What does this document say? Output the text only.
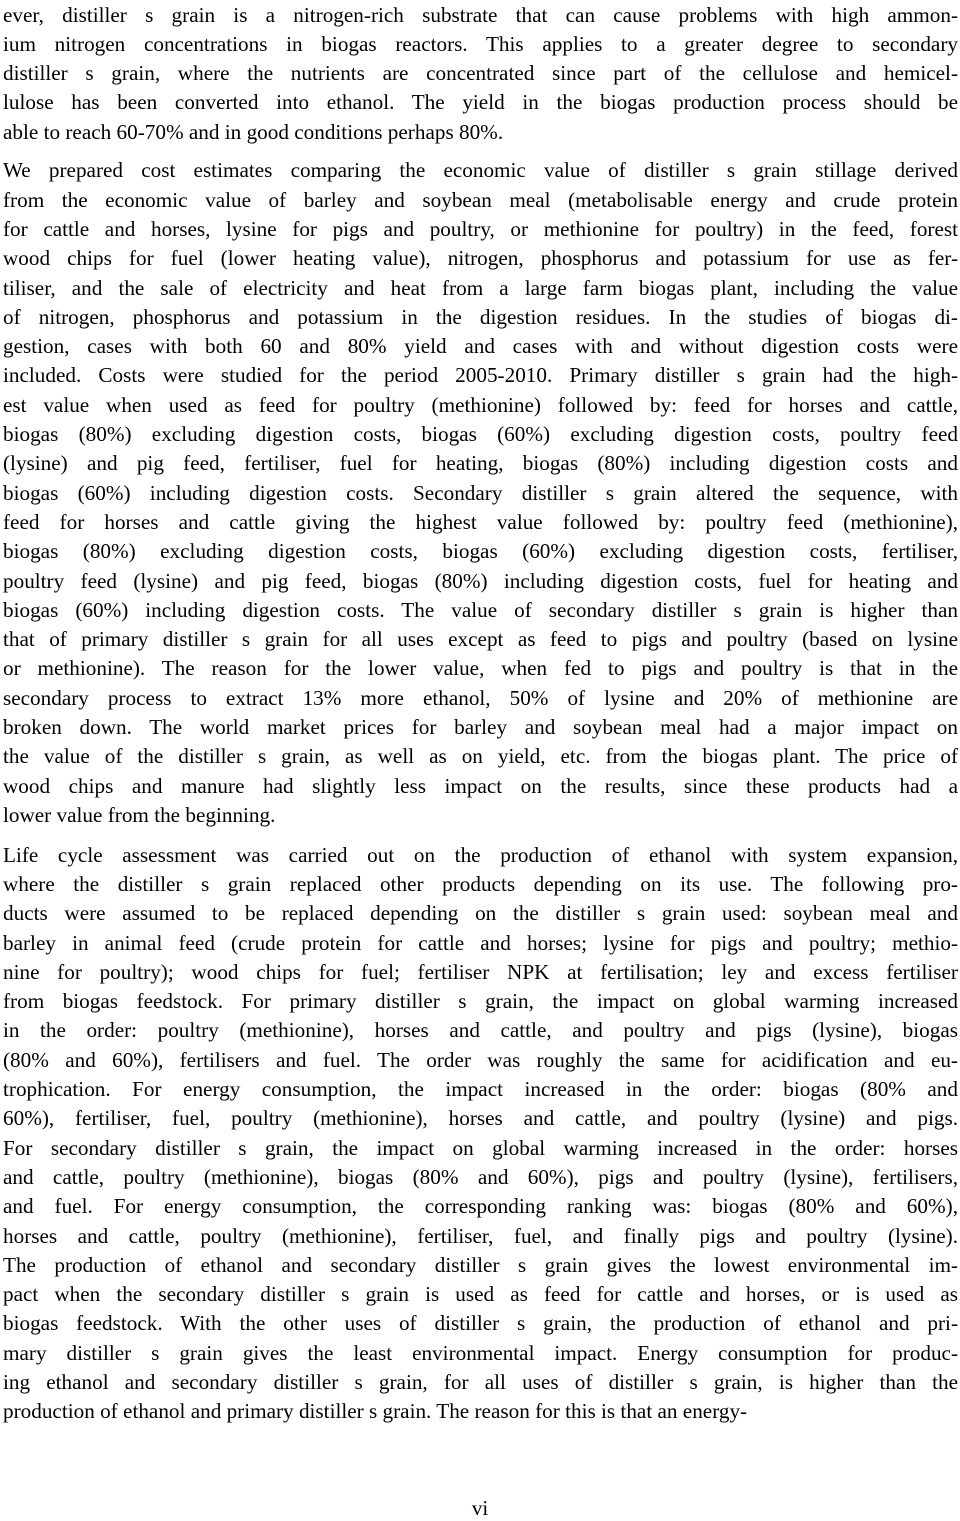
ever, distiller s grain is a nitrogen-rich substrate that can cause problems with high ammon-
ium nitrogen concentrations in biogas reactors. This applies to a greater degree to secondary
distiller s grain, where the nutrients are concentrated since part of the cellulose and hemicel-
lulose has been converted into ethanol. The yield in the biogas production process should be
able to reach 60-70% and in good conditions perhaps 80%.
We prepared cost estimates comparing the economic value of distiller s grain stillage derived
from the economic value of barley and soybean meal (metabolisable energy and crude protein
for cattle and horses, lysine for pigs and poultry, or methionine for poultry) in the feed, forest
wood chips for fuel (lower heating value), nitrogen, phosphorus and potassium for use as fer-
tiliser, and the sale of electricity and heat from a large farm biogas plant, including the value
of nitrogen, phosphorus and potassium in the digestion residues. In the studies of biogas di-
gestion, cases with both 60 and 80% yield and cases with and without digestion costs were
included. Costs were studied for the period 2005-2010. Primary distiller s grain had the high-
est value when used as feed for poultry (methionine) followed by: feed for horses and cattle,
biogas (80%) excluding digestion costs, biogas (60%) excluding digestion costs, poultry feed
(lysine) and pig feed, fertiliser, fuel for heating, biogas (80%) including digestion costs and
biogas (60%) including digestion costs. Secondary distiller s grain altered the sequence, with
feed for horses and cattle giving the highest value followed by: poultry feed (methionine),
biogas (80%) excluding digestion costs, biogas (60%) excluding digestion costs, fertiliser,
poultry feed (lysine) and pig feed, biogas (80%) including digestion costs, fuel for heating and
biogas (60%) including digestion costs. The value of secondary distiller s grain is higher than
that of primary distiller s grain for all uses except as feed to pigs and poultry (based on lysine
or methionine). The reason for the lower value, when fed to pigs and poultry is that in the
secondary process to extract 13% more ethanol, 50% of lysine and 20% of methionine are
broken down. The world market prices for barley and soybean meal had a major impact on
the value of the distiller s grain, as well as on yield, etc. from the biogas plant. The price of
wood chips and manure had slightly less impact on the results, since these products had a
lower value from the beginning.
Life cycle assessment was carried out on the production of ethanol with system expansion,
where the distiller s grain replaced other products depending on its use. The following pro-
ducts were assumed to be replaced depending on the distiller s grain used: soybean meal and
barley in animal feed (crude protein for cattle and horses; lysine for pigs and poultry; methio-
nine for poultry); wood chips for fuel; fertiliser NPK at fertilisation; ley and excess fertiliser
from biogas feedstock. For primary distiller s grain, the impact on global warming increased
in the order: poultry (methionine), horses and cattle, and poultry and pigs (lysine), biogas
(80% and 60%), fertilisers and fuel. The order was roughly the same for acidification and eu-
trophication. For energy consumption, the impact increased in the order: biogas (80% and
60%), fertiliser, fuel, poultry (methionine), horses and cattle, and poultry (lysine) and pigs.
For secondary distiller s grain, the impact on global warming increased in the order: horses
and cattle, poultry (methionine), biogas (80% and 60%), pigs and poultry (lysine), fertilisers,
and fuel. For energy consumption, the corresponding ranking was: biogas (80% and 60%),
horses and cattle, poultry (methionine), fertiliser, fuel, and finally pigs and poultry (lysine).
The production of ethanol and secondary distiller s grain gives the lowest environmental im-
pact when the secondary distiller s grain is used as feed for cattle and horses, or is used as
biogas feedstock. With the other uses of distiller s grain, the production of ethanol and pri-
mary distiller s grain gives the least environmental impact. Energy consumption for produc-
ing ethanol and secondary distiller s grain, for all uses of distiller s grain, is higher than the
production of ethanol and primary distiller s grain. The reason for this is that an energy-
vi
